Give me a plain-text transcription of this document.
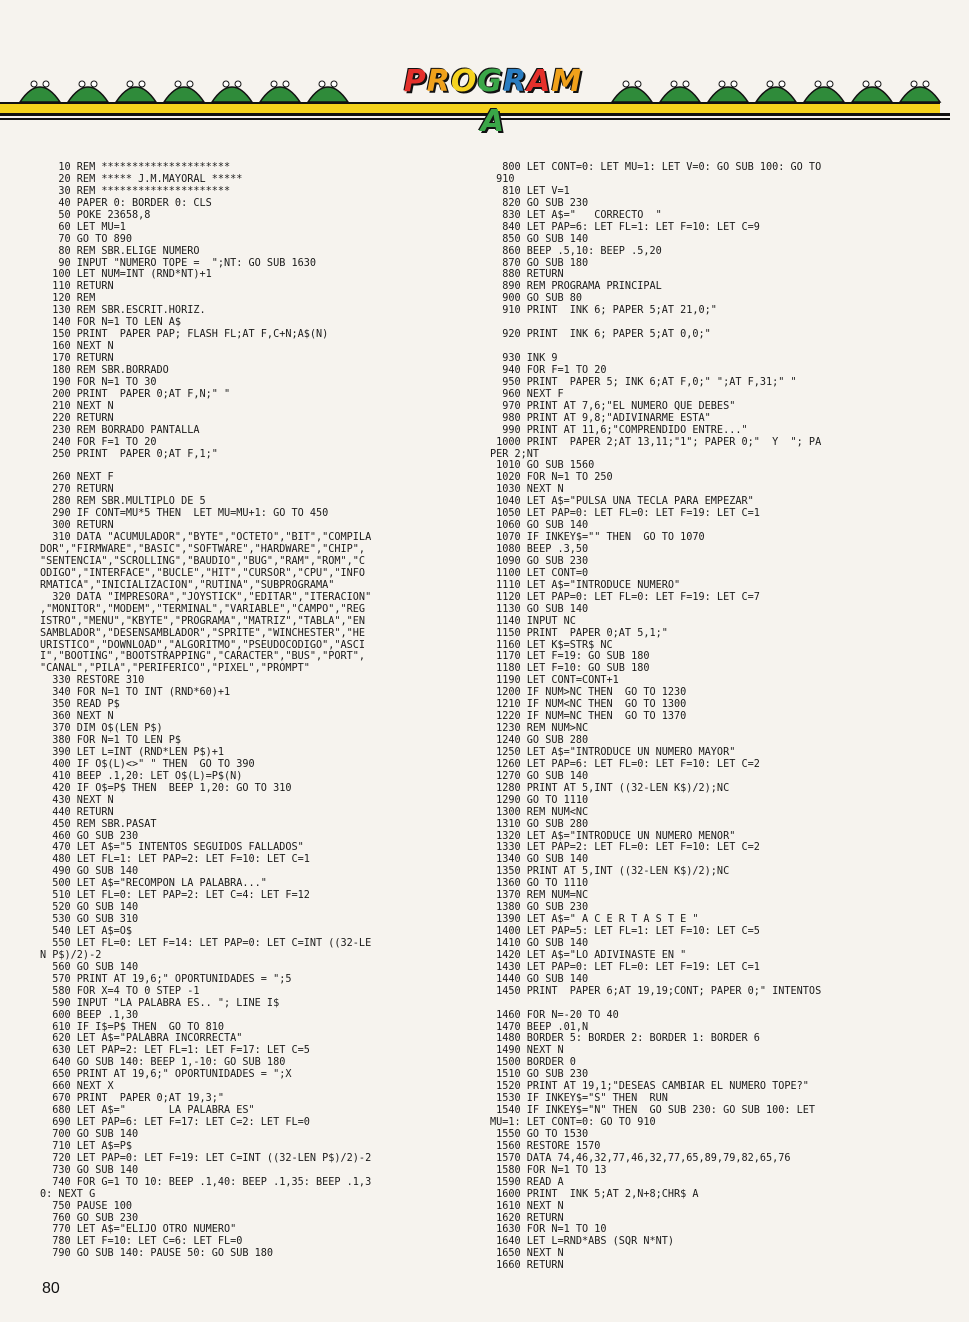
PROGRAMA
10 REM *********************
20 REM ***** J.M.MAYORAL *****
30 REM *********************
40 PAPER 0: BORDER 0: CLS
50 POKE 23658,8
60 LET MU=1
70 GO TO 890
80 REM SBR.ELIGE NUMERO
90 INPUT "NUMERO TOPE =  ";NT: GO SUB 1630
100 LET NUM=INT (RND*NT)+1
110 RETURN
120 REM
130 REM SBR.ESCRIT.HORIZ.
140 FOR N=1 TO LEN A$
150 PRINT  PAPER PAP; FLASH FL;AT F,C+N;A$(N)
160 NEXT N
170 RETURN
180 REM SBR.BORRADO
190 FOR N=1 TO 30
200 PRINT  PAPER 0;AT F,N;" "
210 NEXT N
220 RETURN
230 REM BORRADO PANTALLA
240 FOR F=1 TO 20
250 PRINT  PAPER 0;AT F,1;"
260 NEXT F
270 RETURN
280 REM SBR.MULTIPLO DE 5
290 IF CONT=MU*5 THEN  LET MU=MU+1: GO TO 450
300 RETURN
310 DATA "ACUMULADOR","BYTE","OCTETO","BIT","COMPILA
DOR","FIRMWARE","BASIC","SOFTWARE","HARDWARE","CHIP",
"SENTENCIA","SCROLLING","BAUDIO","BUG","RAM","ROM","C
ODIGO","INTERFACE","BUCLE","HIT","CURSOR","CPU","INFO
RMATICA","INICIALIZACION","RUTINA","SUBPROGRAMA"
320 DATA "IMPRESORA","JOYSTICK","EDITAR","ITERACION"
,"MONITOR","MODEM","TERMINAL","VARIABLE","CAMPO","REG
ISTRO","MENU","KBYTE","PROGRAMA","MATRIZ","TABLA","EN
SAMBLADOR","DESENSAMBLADOR","SPRITE","WINCHESTER","HE
URISTICO","DOWNLOAD","ALGORITMO","PSEUDOCODIGO","ASCI
I","BOOTING","BOOTSTRAPPING","CARACTER","BUS","PORT",
"CANAL","PILA","PERIFERICO","PIXEL","PROMPT"
330 RESTORE 310
340 FOR N=1 TO INT (RND*60)+1
350 READ P$
360 NEXT N
370 DIM O$(LEN P$)
380 FOR N=1 TO LEN P$
390 LET L=INT (RND*LEN P$)+1
400 IF O$(L)<>" " THEN  GO TO 390
410 BEEP .1,20: LET O$(L)=P$(N)
420 IF O$=P$ THEN  BEEP 1,20: GO TO 310
430 NEXT N
440 RETURN
450 REM SBR.PASAT
460 GO SUB 230
470 LET A$="5 INTENTOS SEGUIDOS FALLADOS"
480 LET FL=1: LET PAP=2: LET F=10: LET C=1
490 GO SUB 140
500 LET A$="RECOMPON LA PALABRA..."
510 LET FL=0: LET PAP=2: LET C=4: LET F=12
520 GO SUB 140
530 GO SUB 310
540 LET A$=O$
550 LET FL=0: LET F=14: LET PAP=0: LET C=INT ((32-LE
N P$)/2)-2
560 GO SUB 140
570 PRINT AT 19,6;" OPORTUNIDADES = ";5
580 FOR X=4 TO 0 STEP -1
590 INPUT "LA PALABRA ES.. "; LINE I$
600 BEEP .1,30
610 IF I$=P$ THEN  GO TO 810
620 LET A$="PALABRA INCORRECTA"
630 LET PAP=2: LET FL=1: LET F=17: LET C=5
640 GO SUB 140: BEEP 1,-10: GO SUB 180
650 PRINT AT 19,6;" OPORTUNIDADES = ";X
660 NEXT X
670 PRINT  PAPER 0;AT 19,3;"
680 LET A$="       LA PALABRA ES"
690 LET PAP=6: LET F=17: LET C=2: LET FL=0
700 GO SUB 140
710 LET A$=P$
720 LET PAP=0: LET F=19: LET C=INT ((32-LEN P$)/2)-2
730 GO SUB 140
740 FOR G=1 TO 10: BEEP .1,40: BEEP .1,35: BEEP .1,3
0: NEXT G
750 PAUSE 100
760 GO SUB 230
770 LET A$="ELIJO OTRO NUMERO"
780 LET F=10: LET C=6: LET FL=0
790 GO SUB 140: PAUSE 50: GO SUB 180
800 LET CONT=0: LET MU=1: LET V=0: GO SUB 100: GO TO
910
810 LET V=1
820 GO SUB 230
830 LET A$="   CORRECTO  "
840 LET PAP=6: LET FL=1: LET F=10: LET C=9
850 GO SUB 140
860 BEEP .5,10: BEEP .5,20
870 GO SUB 180
880 RETURN
890 REM PROGRAMA PRINCIPAL
900 GO SUB 80
910 PRINT  INK 6; PAPER 5;AT 21,0;"
920 PRINT  INK 6; PAPER 5;AT 0,0;"
930 INK 9
940 FOR F=1 TO 20
950 PRINT  PAPER 5; INK 6;AT F,0;" ";AT F,31;" "
960 NEXT F
970 PRINT AT 7,6;"EL NUMERO QUE DEBES"
980 PRINT AT 9,8;"ADIVINARME ESTA"
990 PRINT AT 11,6;"COMPRENDIDO ENTRE..."
1000 PRINT  PAPER 2;AT 13,11;"1"; PAPER 0;"  Y  "; PA
PER 2;NT
1010 GO SUB 1560
1020 FOR N=1 TO 250
1030 NEXT N
1040 LET A$="PULSA UNA TECLA PARA EMPEZAR"
1050 LET PAP=0: LET FL=0: LET F=19: LET C=1
1060 GO SUB 140
1070 IF INKEY$="" THEN  GO TO 1070
1080 BEEP .3,50
1090 GO SUB 230
1100 LET CONT=0
1110 LET A$="INTRODUCE NUMERO"
1120 LET PAP=0: LET FL=0: LET F=19: LET C=7
1130 GO SUB 140
1140 INPUT NC
1150 PRINT  PAPER 0;AT 5,1;"
1160 LET K$=STR$ NC
1170 LET F=19: GO SUB 180
1180 LET F=10: GO SUB 180
1190 LET CONT=CONT+1
1200 IF NUM>NC THEN  GO TO 1230
1210 IF NUM<NC THEN  GO TO 1300
1220 IF NUM=NC THEN  GO TO 1370
1230 REM NUM>NC
1240 GO SUB 280
1250 LET A$="INTRODUCE UN NUMERO MAYOR"
1260 LET PAP=6: LET FL=0: LET F=10: LET C=2
1270 GO SUB 140
1280 PRINT AT 5,INT ((32-LEN K$)/2);NC
1290 GO TO 1110
1300 REM NUM<NC
1310 GO SUB 280
1320 LET A$="INTRODUCE UN NUMERO MENOR"
1330 LET PAP=2: LET FL=0: LET F=10: LET C=2
1340 GO SUB 140
1350 PRINT AT 5,INT ((32-LEN K$)/2);NC
1360 GO TO 1110
1370 REM NUM=NC
1380 GO SUB 230
1390 LET A$=" A C E R T A S T E "
1400 LET PAP=5: LET FL=1: LET F=10: LET C=5
1410 GO SUB 140
1420 LET A$="LO ADIVINASTE EN "
1430 LET PAP=0: LET FL=0: LET F=19: LET C=1
1440 GO SUB 140
1450 PRINT  PAPER 6;AT 19,19;CONT; PAPER 0;" INTENTOS
1460 FOR N=-20 TO 40
1470 BEEP .01,N
1480 BORDER 5: BORDER 2: BORDER 1: BORDER 6
1490 NEXT N
1500 BORDER 0
1510 GO SUB 230
1520 PRINT AT 19,1;"DESEAS CAMBIAR EL NUMERO TOPE?"
1530 IF INKEY$="S" THEN  RUN
1540 IF INKEY$="N" THEN  GO SUB 230: GO SUB 100: LET
MU=1: LET CONT=0: GO TO 910
1550 GO TO 1530
1560 RESTORE 1570
1570 DATA 74,46,32,77,46,32,77,65,89,79,82,65,76
1580 FOR N=1 TO 13
1590 READ A
1600 PRINT  INK 5;AT 2,N+8;CHR$ A
1610 NEXT N
1620 RETURN
1630 FOR N=1 TO 10
1640 LET L=RND*ABS (SQR N*NT)
1650 NEXT N
1660 RETURN
80
